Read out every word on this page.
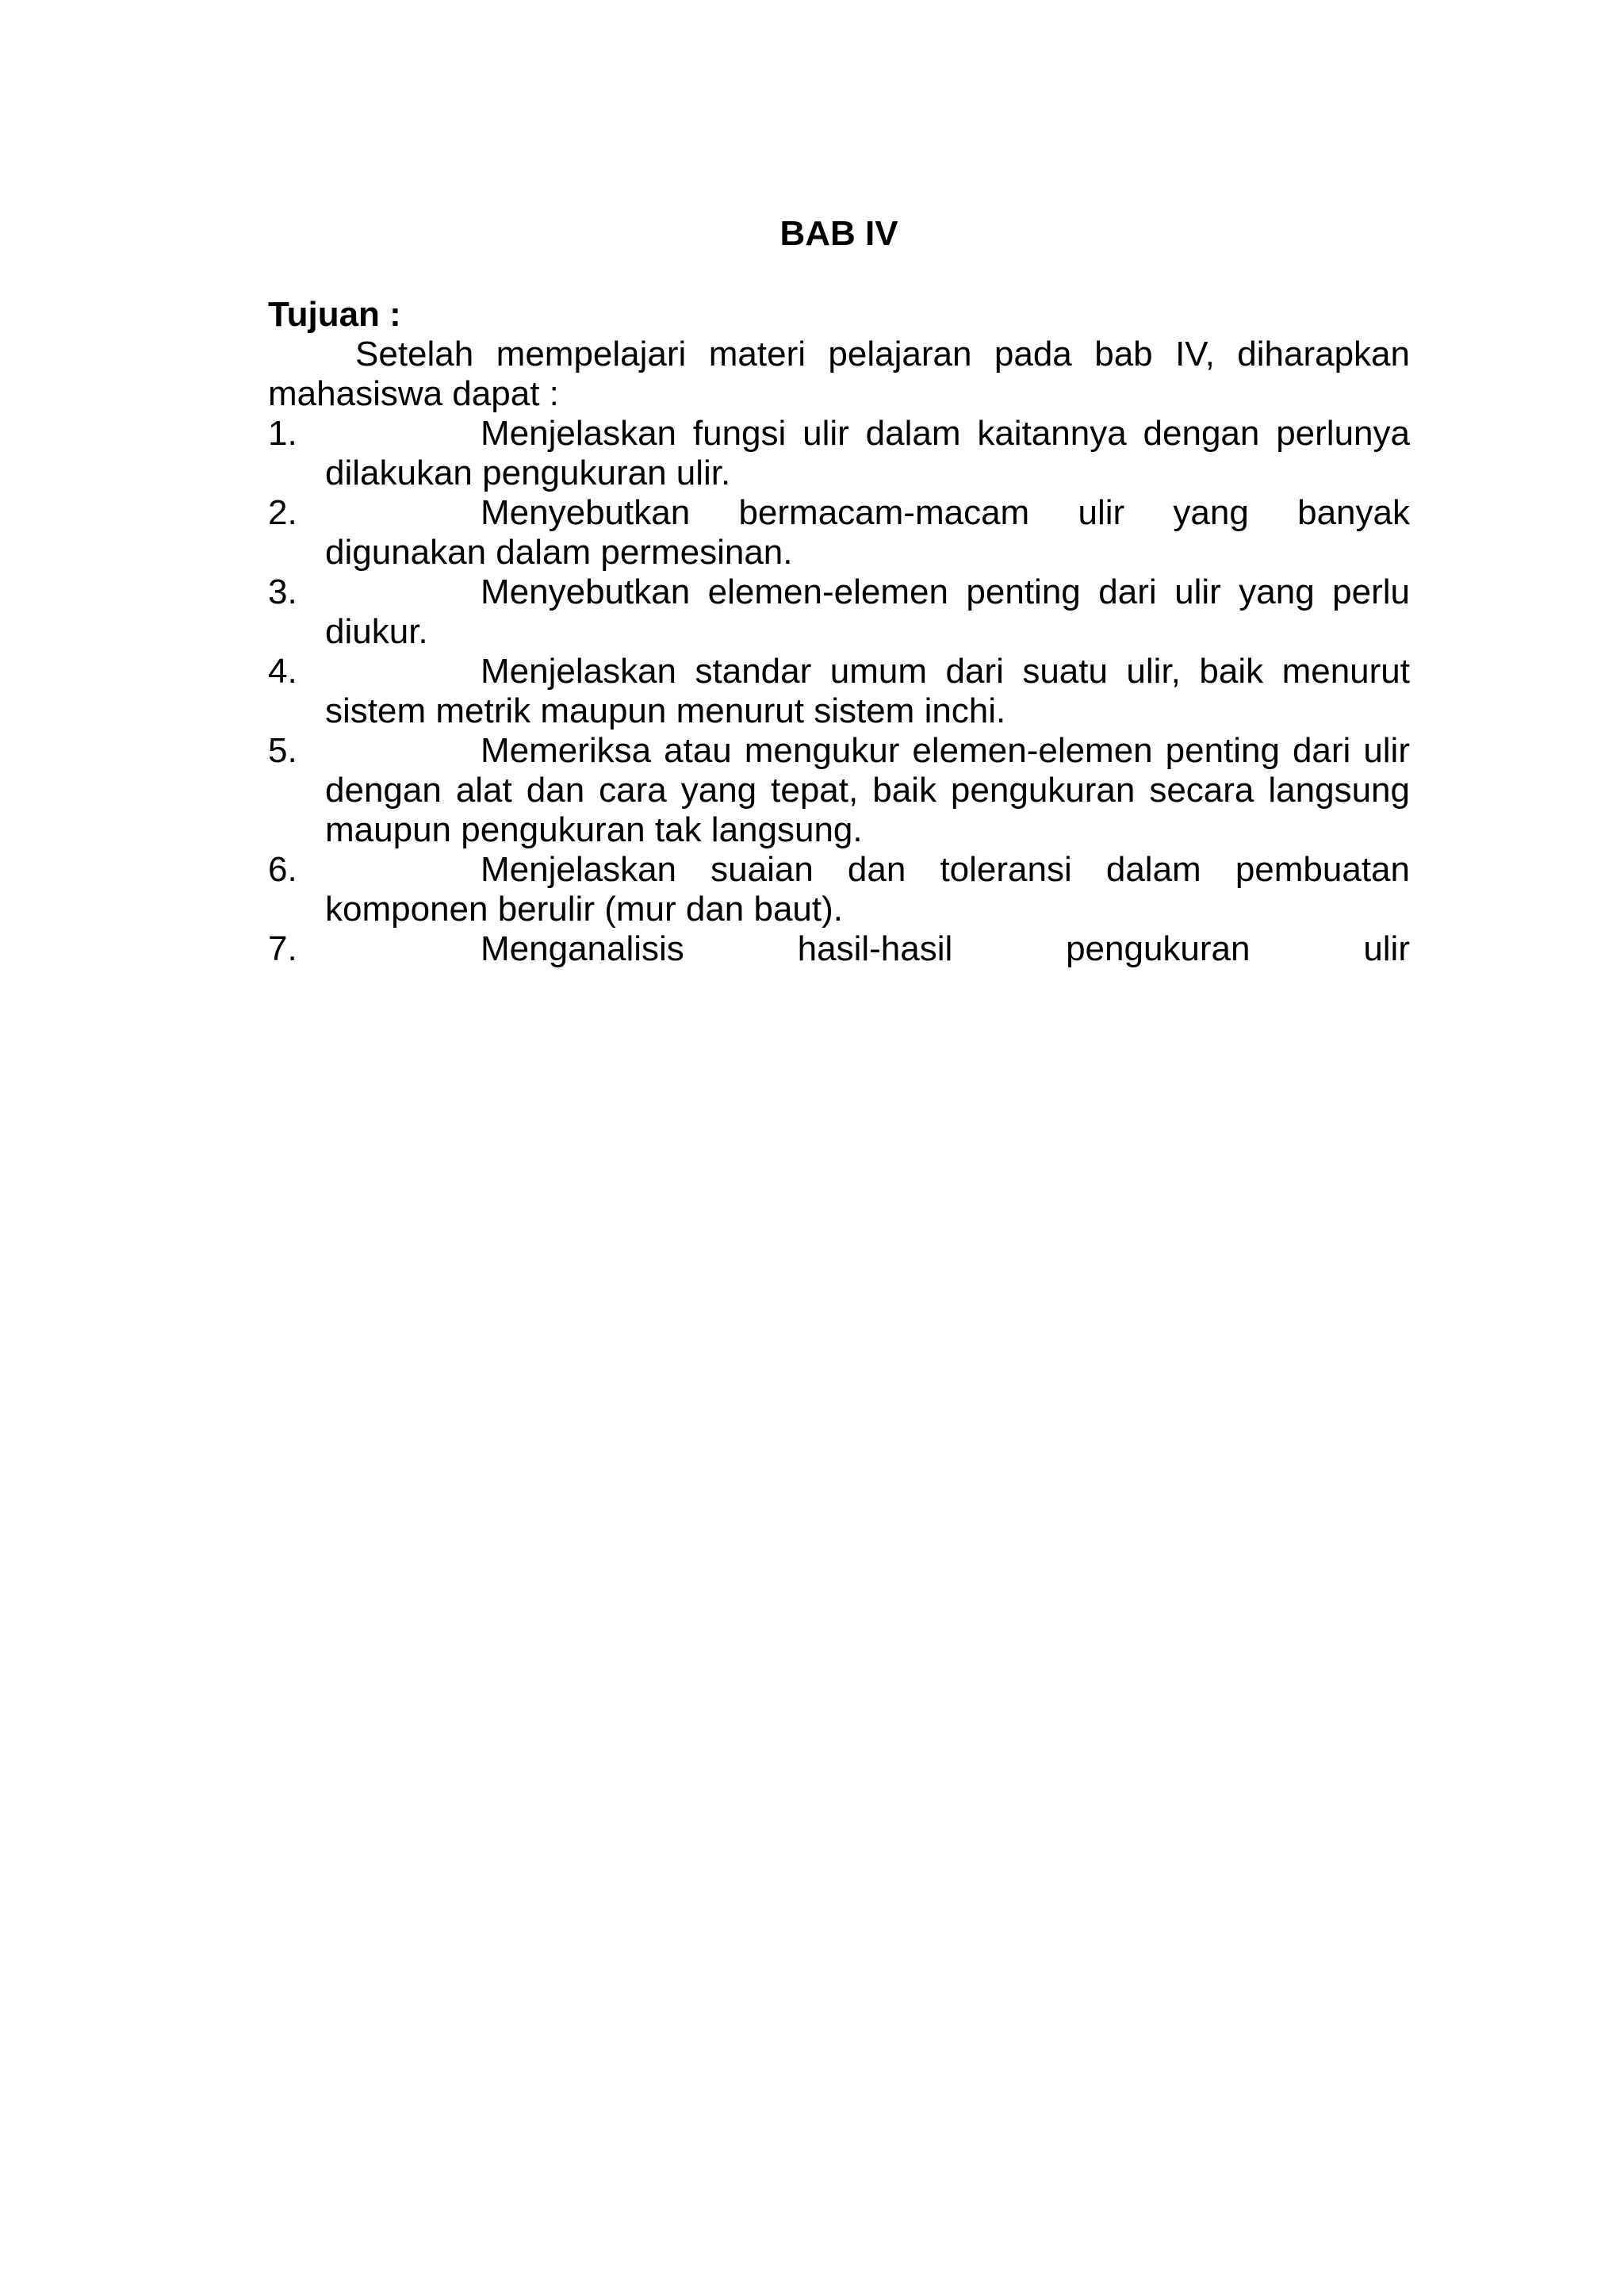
BAB IV
Tujuan :

Setelah mempelajari materi pelajaran pada bab IV, diharapkan mahasiswa dapat :

1.	Menjelaskan fungsi ulir dalam kaitannya dengan perlunya dilakukan pengukuran ulir.
2.	Menyebutkan bermacam-macam ulir yang banyak digunakan dalam permesinan.
3.	Menyebutkan elemen-elemen penting dari ulir yang perlu diukur.
4.	Menjelaskan standar umum dari suatu ulir, baik menurut sistem metrik maupun menurut sistem inchi.
5.	Memeriksa atau mengukur elemen-elemen penting dari ulir dengan alat dan cara yang tepat, baik pengukuran secara langsung maupun pengukuran tak langsung.
6.	Menjelaskan suaian dan toleransi dalam pembuatan komponen berulir (mur dan baut).
7.	Menganalisis hasil-hasil pengukuran ulir
